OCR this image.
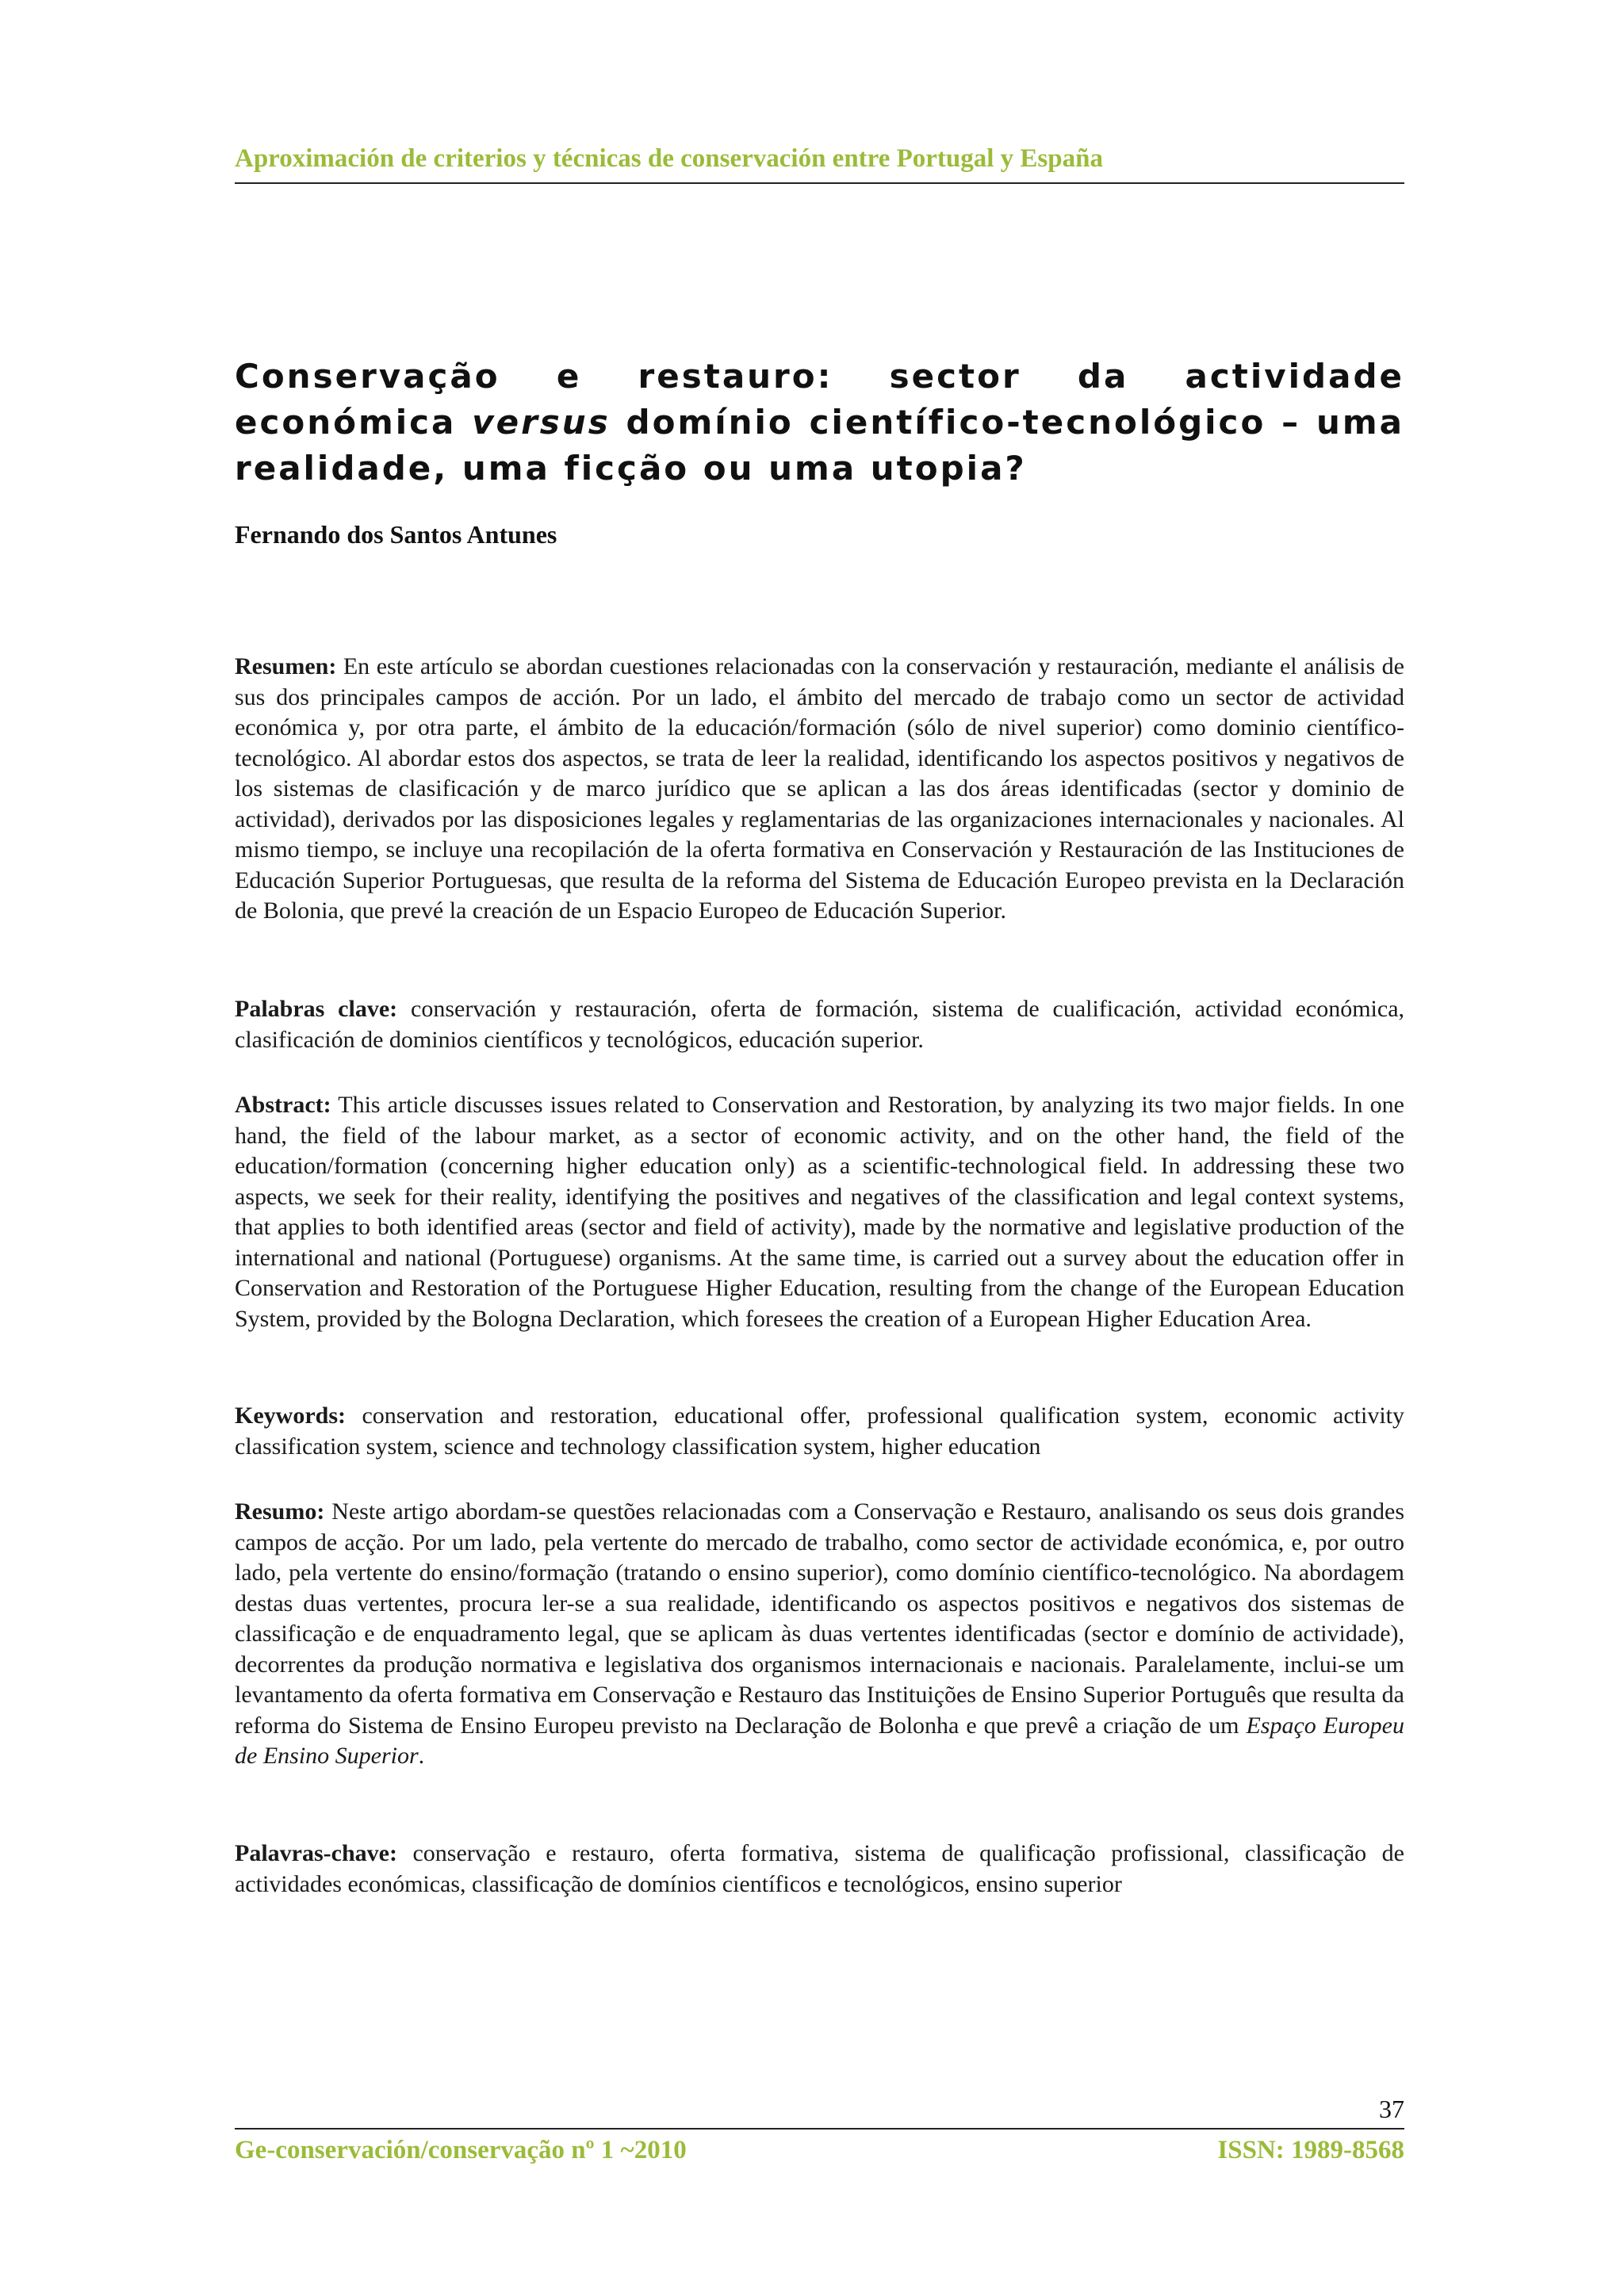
Aproximación de criterios y técnicas de conservación entre Portugal y España
Conservação e restauro: sector da actividade económica versus domínio científico-tecnológico – uma realidade, uma ficção ou uma utopia?
Fernando dos Santos Antunes

Resumen: En este artículo se abordan cuestiones relacionadas con la conservación y restauración, mediante el análisis de sus dos principales campos de acción. Por un lado, el ámbito del mercado de trabajo como un sector de actividad económica y, por otra parte, el ámbito de la educación/formación (sólo de nivel superior) como dominio científico-tecnológico. Al abordar estos dos aspectos, se trata de leer la realidad, identificando los aspectos positivos y negativos de los sistemas de clasificación y de marco jurídico que se aplican a las dos áreas identificadas (sector y dominio de actividad), derivados por las disposiciones legales y reglamentarias de las organizaciones internacionales y nacionales. Al mismo tiempo, se incluye una recopilación de la oferta formativa en Conservación y Restauración de las Instituciones de Educación Superior Portuguesas, que resulta de la reforma del Sistema de Educación Europeo prevista en la Declaración de Bolonia, que prevé la creación de un Espacio Europeo de Educación Superior.

Palabras clave: conservación y restauración, oferta de formación, sistema de cualificación, actividad económica, clasificación de dominios científicos y tecnológicos, educación superior.

Abstract: This article discusses issues related to Conservation and Restoration, by analyzing its two major fields. In one hand, the field of the labour market, as a sector of economic activity, and on the other hand, the field of the education/formation (concerning higher education only) as a scientific-technological field. In addressing these two aspects, we seek for their reality, identifying the positives and negatives of the classification and legal context systems, that applies to both identified areas (sector and field of activity), made by the normative and legislative production of the international and national (Portuguese) organisms. At the same time, is carried out a survey about the education offer in Conservation and Restoration of the Portuguese Higher Education, resulting from the change of the European Education System, provided by the Bologna Declaration, which foresees the creation of a European Higher Education Area.

Keywords: conservation and restoration, educational offer, professional qualification system, economic activity classification system, science and technology classification system, higher education

Resumo: Neste artigo abordam-se questões relacionadas com a Conservação e Restauro, analisando os seus dois grandes campos de acção. Por um lado, pela vertente do mercado de trabalho, como sector de actividade económica, e, por outro lado, pela vertente do ensino/formação (tratando o ensino superior), como domínio científico-tecnológico. Na abordagem destas duas vertentes, procura ler-se a sua realidade, identificando os aspectos positivos e negativos dos sistemas de classificação e de enquadramento legal, que se aplicam às duas vertentes identificadas (sector e domínio de actividade), decorrentes da produção normativa e legislativa dos organismos internacionais e nacionais. Paralelamente, inclui-se um levantamento da oferta formativa em Conservação e Restauro das Instituições de Ensino Superior Português que resulta da reforma do Sistema de Ensino Europeu previsto na Declaração de Bolonha e que prevê a criação de um Espaço Europeu de Ensino Superior.

Palavras-chave: conservação e restauro, oferta formativa, sistema de qualificação profissional, classificação de actividades económicas, classificação de domínios científicos e tecnológicos, ensino superior

37
Ge-conservación/conservação nº 1 ~2010	ISSN: 1989-8568
